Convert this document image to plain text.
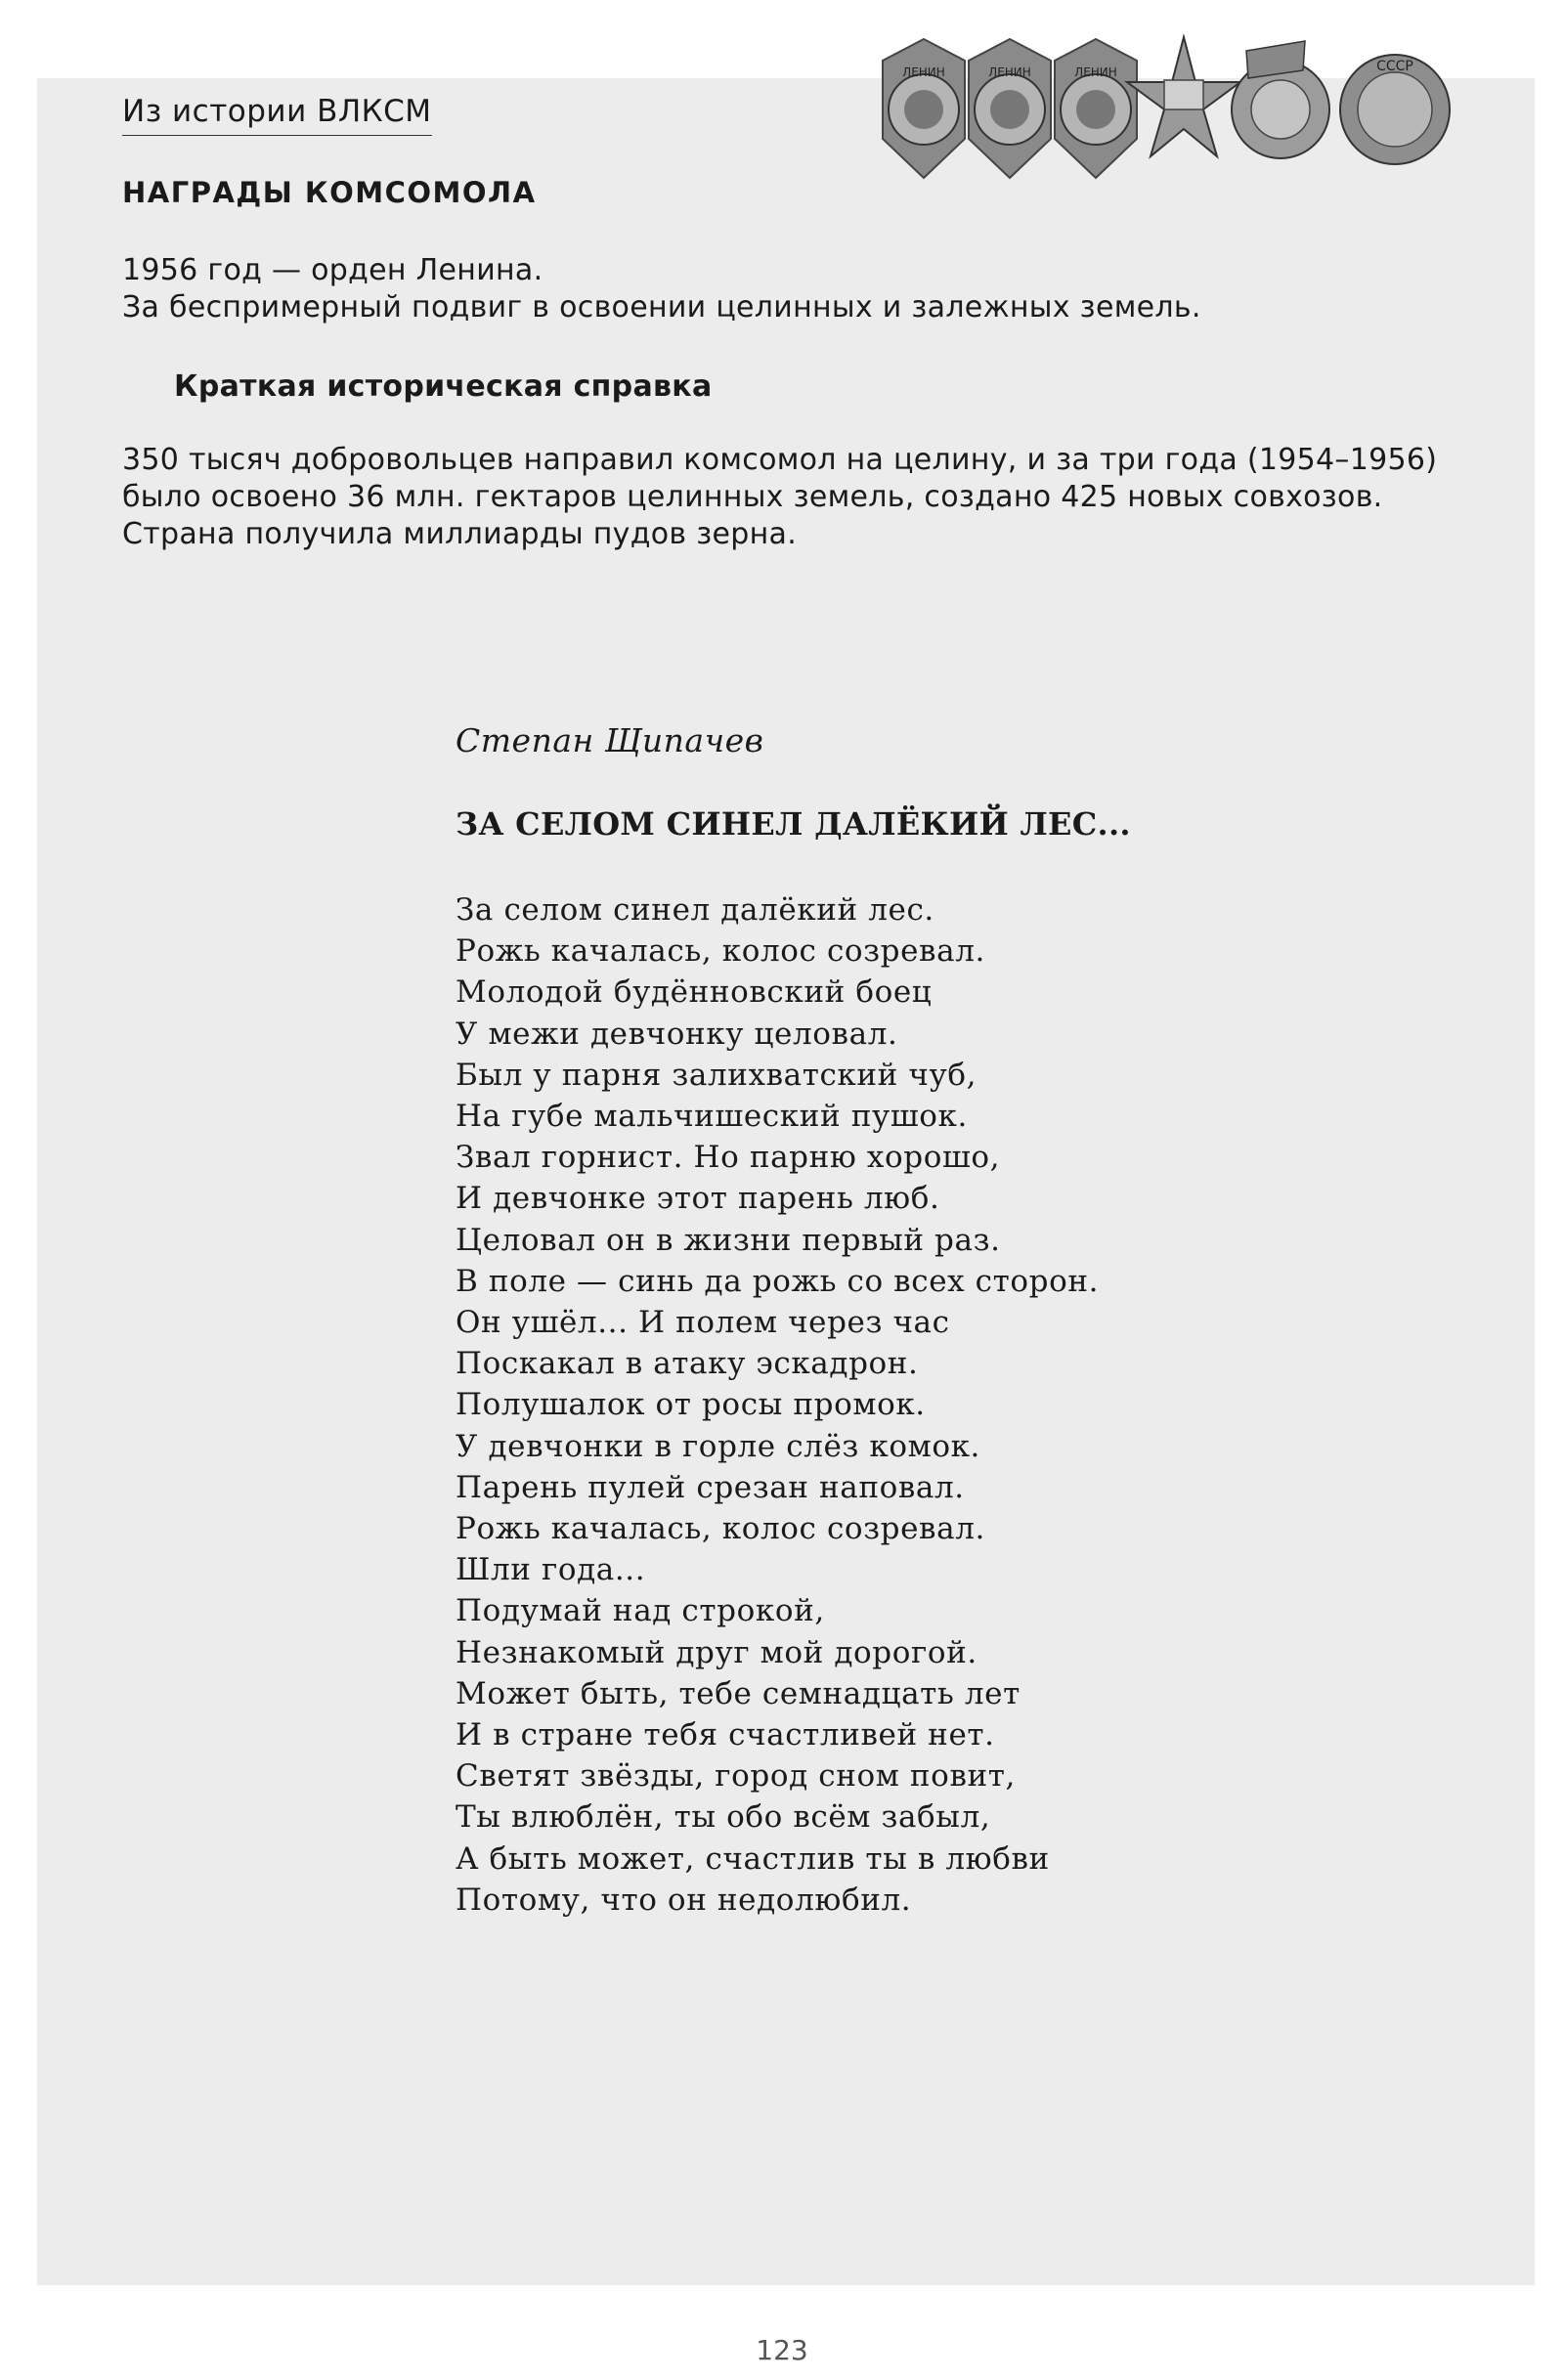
ЛЕНИН	ЛЕНИН	ЛЕНИН	СССР
Из истории ВЛКСМ
НАГРАДЫ КОМСОМОЛА
1956 год — орден Ленина.
За беспримерный подвиг в освоении целинных и залежных земель.
Краткая историческая справка
350 тысяч добровольцев направил комсомол на целину, и за три года (1954–1956)
было освоено 36 млн. гектаров целинных земель, создано 425 новых совхозов.
Страна получила миллиарды пудов зерна.
Степан Щипачев
ЗА СЕЛОМ СИНЕЛ ДАЛЁКИЙ ЛЕС...
За селом синел далёкий лес.
Рожь качалась, колос созревал.
Молодой будённовский боец
У межи девчонку целовал.
Был у парня залихватский чуб,
На губе мальчишеский пушок.
Звал горнист. Но парню хорошо,
И девчонке этот парень люб.
Целовал он в жизни первый раз.
В поле — синь да рожь со всех сторон.
Он ушёл... И полем через час
Поскакал в атаку эскадрон.
Полушалок от росы промок.
У девчонки в горле слёз комок.
Парень пулей срезан наповал.
Рожь качалась, колос созревал.
Шли года...
Подумай над строкой,
Незнакомый друг мой дорогой.
Может быть, тебе семнадцать лет
И в стране тебя счастливей нет.
Светят звёзды, город сном повит,
Ты влюблён, ты обо всём забыл,
А быть может, счастлив ты в любви
Потому, что он недолюбил.
123
